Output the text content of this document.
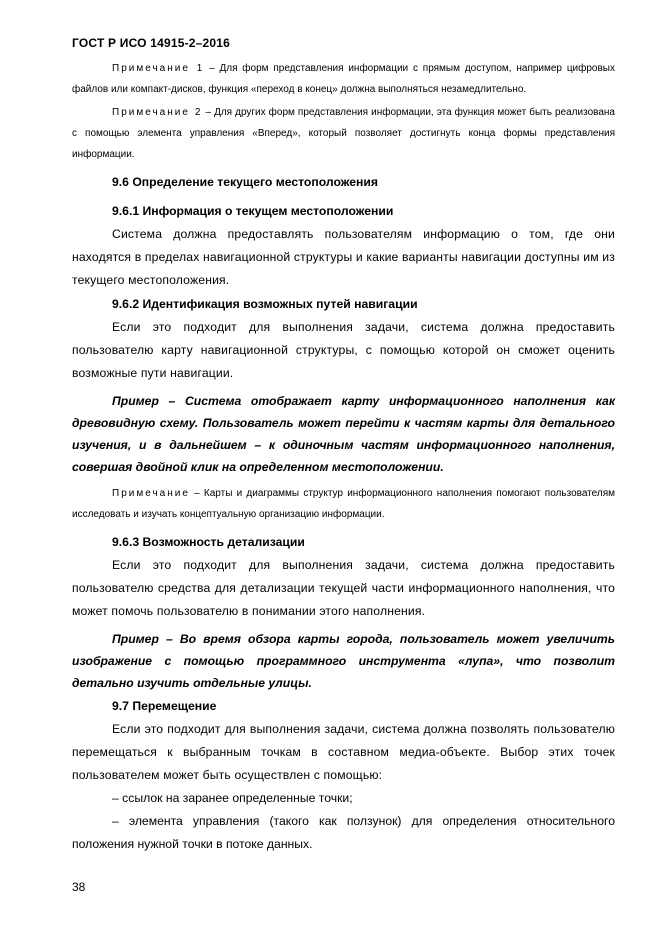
ГОСТ Р ИСО 14915-2–2016

Примечание 1 – Для форм представления информации с прямым доступом, например цифровых файлов или компакт-дисков, функция «переход в конец» должна выполняться незамедлительно.

Примечание 2 – Для других форм представления информации, эта функция может быть реализована с помощью элемента управления «Вперед», который позволяет достигнуть конца формы представления информации.

9.6 Определение текущего местоположения

9.6.1 Информация о текущем местоположении

Система должна предоставлять пользователям информацию о том, где они находятся в пределах навигационной структуры и какие варианты навигации доступны им из текущего местоположения.

9.6.2 Идентификация возможных путей навигации

Если это подходит для выполнения задачи, система должна предоставить пользователю карту навигационной структуры, с помощью которой он сможет оценить возможные пути навигации.

Пример – Система отображает карту информационного наполнения как древовидную схему. Пользователь может перейти к частям карты для детального изучения, и в дальнейшем – к одиночным частям информационного наполнения, совершая двойной клик на определенном местоположении.

Примечание – Карты и диаграммы структур информационного наполнения помогают пользователям исследовать и изучать концептуальную организацию информации.

9.6.3 Возможность детализации

Если это подходит для выполнения задачи, система должна предоставить пользователю средства для детализации текущей части информационного наполнения, что может помочь пользователю в понимании этого наполнения.

Пример – Во время обзора карты города, пользователь может увеличить изображение с помощью программного инструмента «лупа», что позволит детально изучить отдельные улицы.

9.7 Перемещение

Если это подходит для выполнения задачи, система должна позволять пользователю перемещаться к выбранным точкам в составном медиа-объекте. Выбор этих точек пользователем может быть осуществлен с помощью:

– ссылок на заранее определенные точки;

– элемента управления (такого как ползунок) для определения относительного положения нужной точки в потоке данных.

38
